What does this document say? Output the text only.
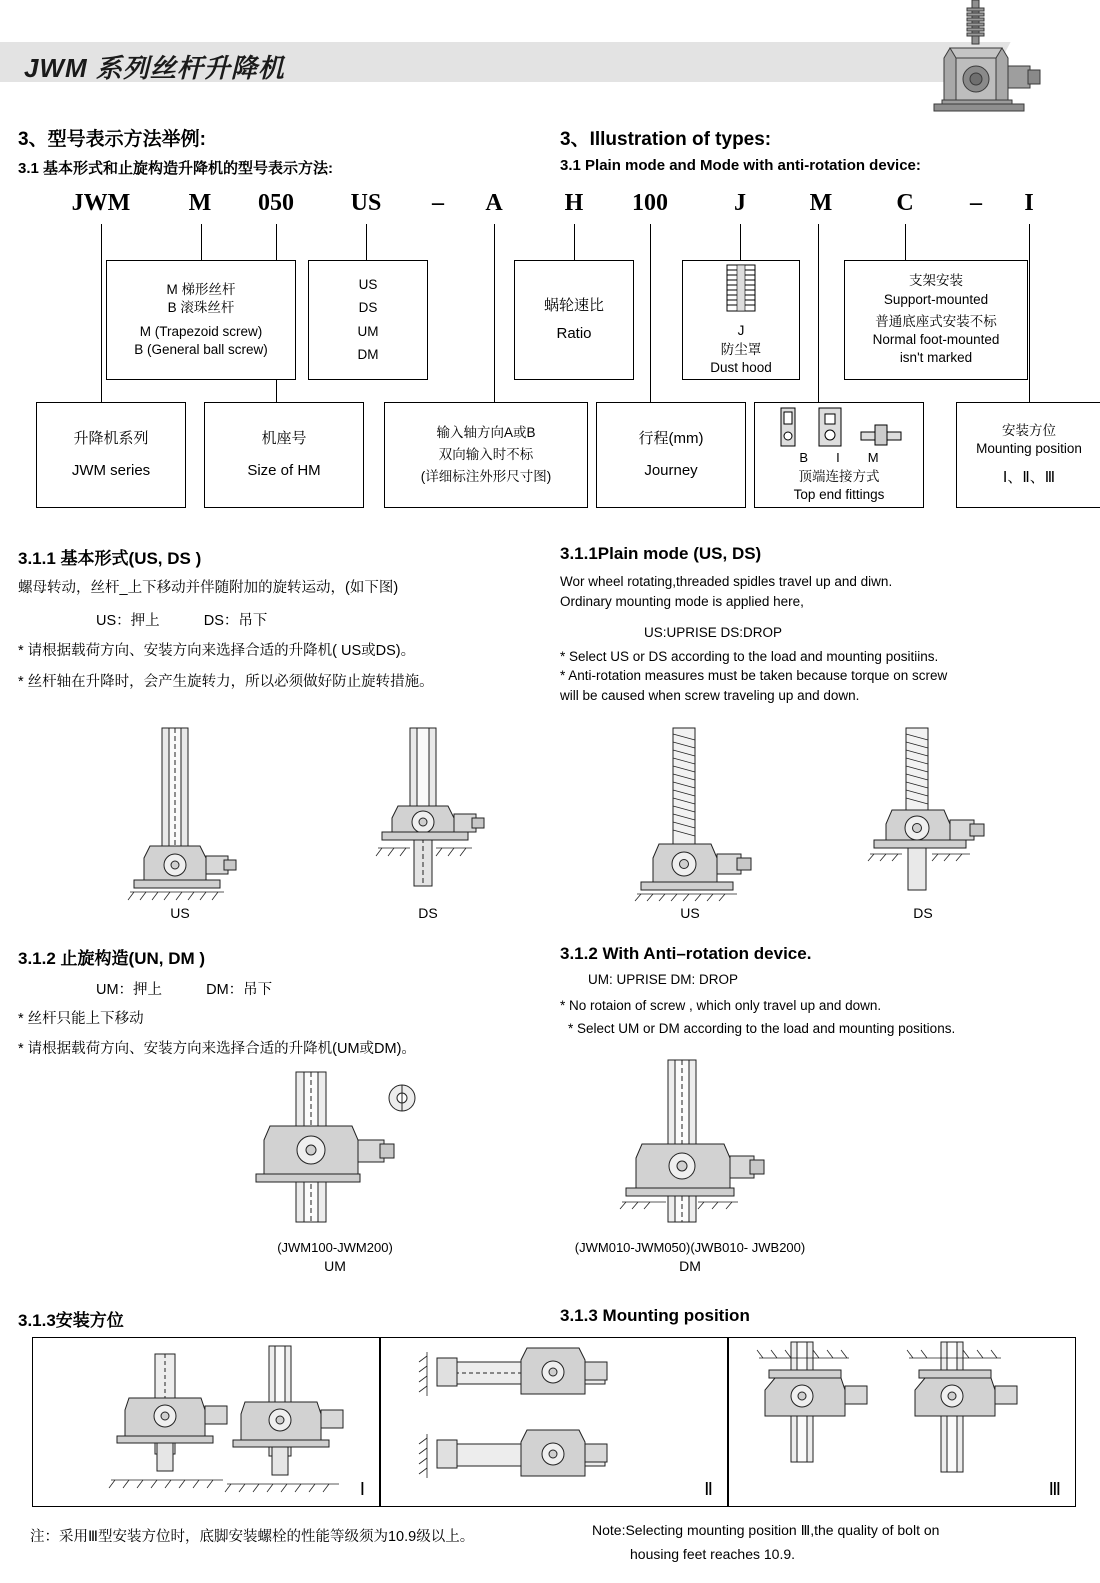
JWM 系列丝杆升降机
3、型号表示方法举例:
3.1 基本形式和止旋构造升降机的型号表示方法:
3、Illustration of types:
3.1 Plain mode and Mode with anti-rotation device:
JWM	M	050	US	–	A	H	100	J	M	C	–	I
M 梯形丝杆
B 滚珠丝杆
M (Trapezoid screw)
B (General ball screw)
US
DS
UM
DM
蜗轮速比
Ratio	J
防尘罩
Dust hood
支架安装
Support-mounted
普通底座式安装不标
Normal foot-mounted
isn't marked
升降机系列
JWM series
机座号
Size of HM
输入轴方向A或B
双向输入时不标
(详细标注外形尺寸图)
行程(mm)
Journey
B I M
顶端连接方式
Top end fittings
安装方位
Mounting position
Ⅰ、Ⅱ、Ⅲ
3.1.1 基本形式(US, DS )
螺母转动，丝杆_上下移动并伴随附加的旋转运动，(如下图)
US：押上	DS：吊下
* 请根据载荷方向、安装方向来选择合适的升降机( US或DS)。
* 丝杆轴在升降时，会产生旋转力，所以必须做好防止旋转措施。
3.1.1Plain mode (US, DS)
Wor wheel rotating,threaded spidles travel up and diwn.
Ordinary mounting mode is applied here,
US:UPRISE DS:DROP
* Select US or DS according to the load and mounting positiins.
* Anti-rotation measures must be taken because torque on screw
will be caused when screw traveling up and down.
US	DS	US	DS
3.1.2 止旋构造(UN, DM )
UM：押上	DM：吊下
* 丝杆只能上下移动
* 请根据载荷方向、安装方向来选择合适的升降机(UM或DM)。
3.1.2 With Anti–rotation device.
UM: UPRISE DM: DROP
* No rotaion of screw , which only travel up and down.
* Select UM or DM according to the load and mounting positions.
(JWM100-JWM200)
UM
(JWM010-JWM050)(JWB010- JWB200)
DM
3.1.3安装方位	3.1.3 Mounting position
Ⅰ	Ⅱ	Ⅲ
注：采用Ⅲ型安装方位时，底脚安装螺栓的性能等级须为10.9级以上。	Note:Selecting mounting position Ⅲ,the quality of bolt on
housing feet reaches 10.9.
